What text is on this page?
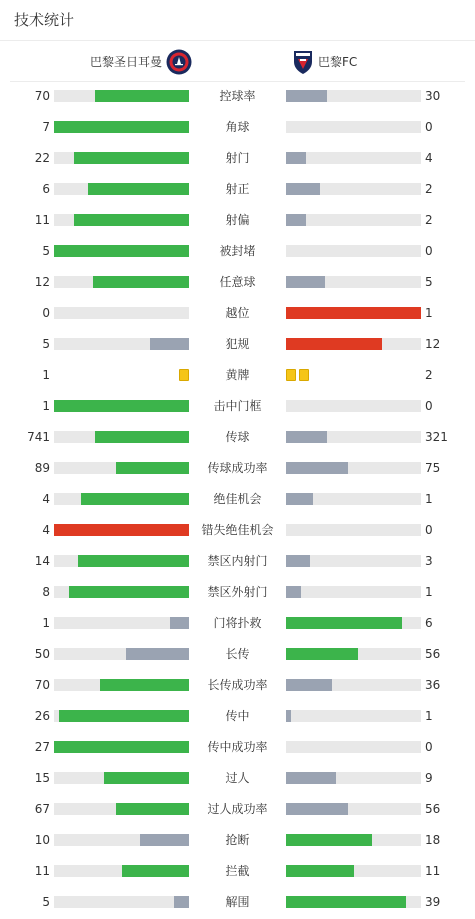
技术统计
巴黎圣日耳曼	巴黎FC
70	控球率	30
7	角球	0
22	射门	4
6	射正	2
11	射偏	2
5	被封堵	0
12	任意球	5
0	越位	1
5	犯规	12
1	黄牌	2
1	击中门框	0
741	传球	321
89	传球成功率	75
4	绝佳机会	1
4	错失绝佳机会	0
14	禁区内射门	3
8	禁区外射门	1
1	门将扑救	6
50	长传	56
70	长传成功率	36
26	传中	1
27	传中成功率	0
15	过人	9
67	过人成功率	56
10	抢断	18
11	拦截	11
5	解围	39
